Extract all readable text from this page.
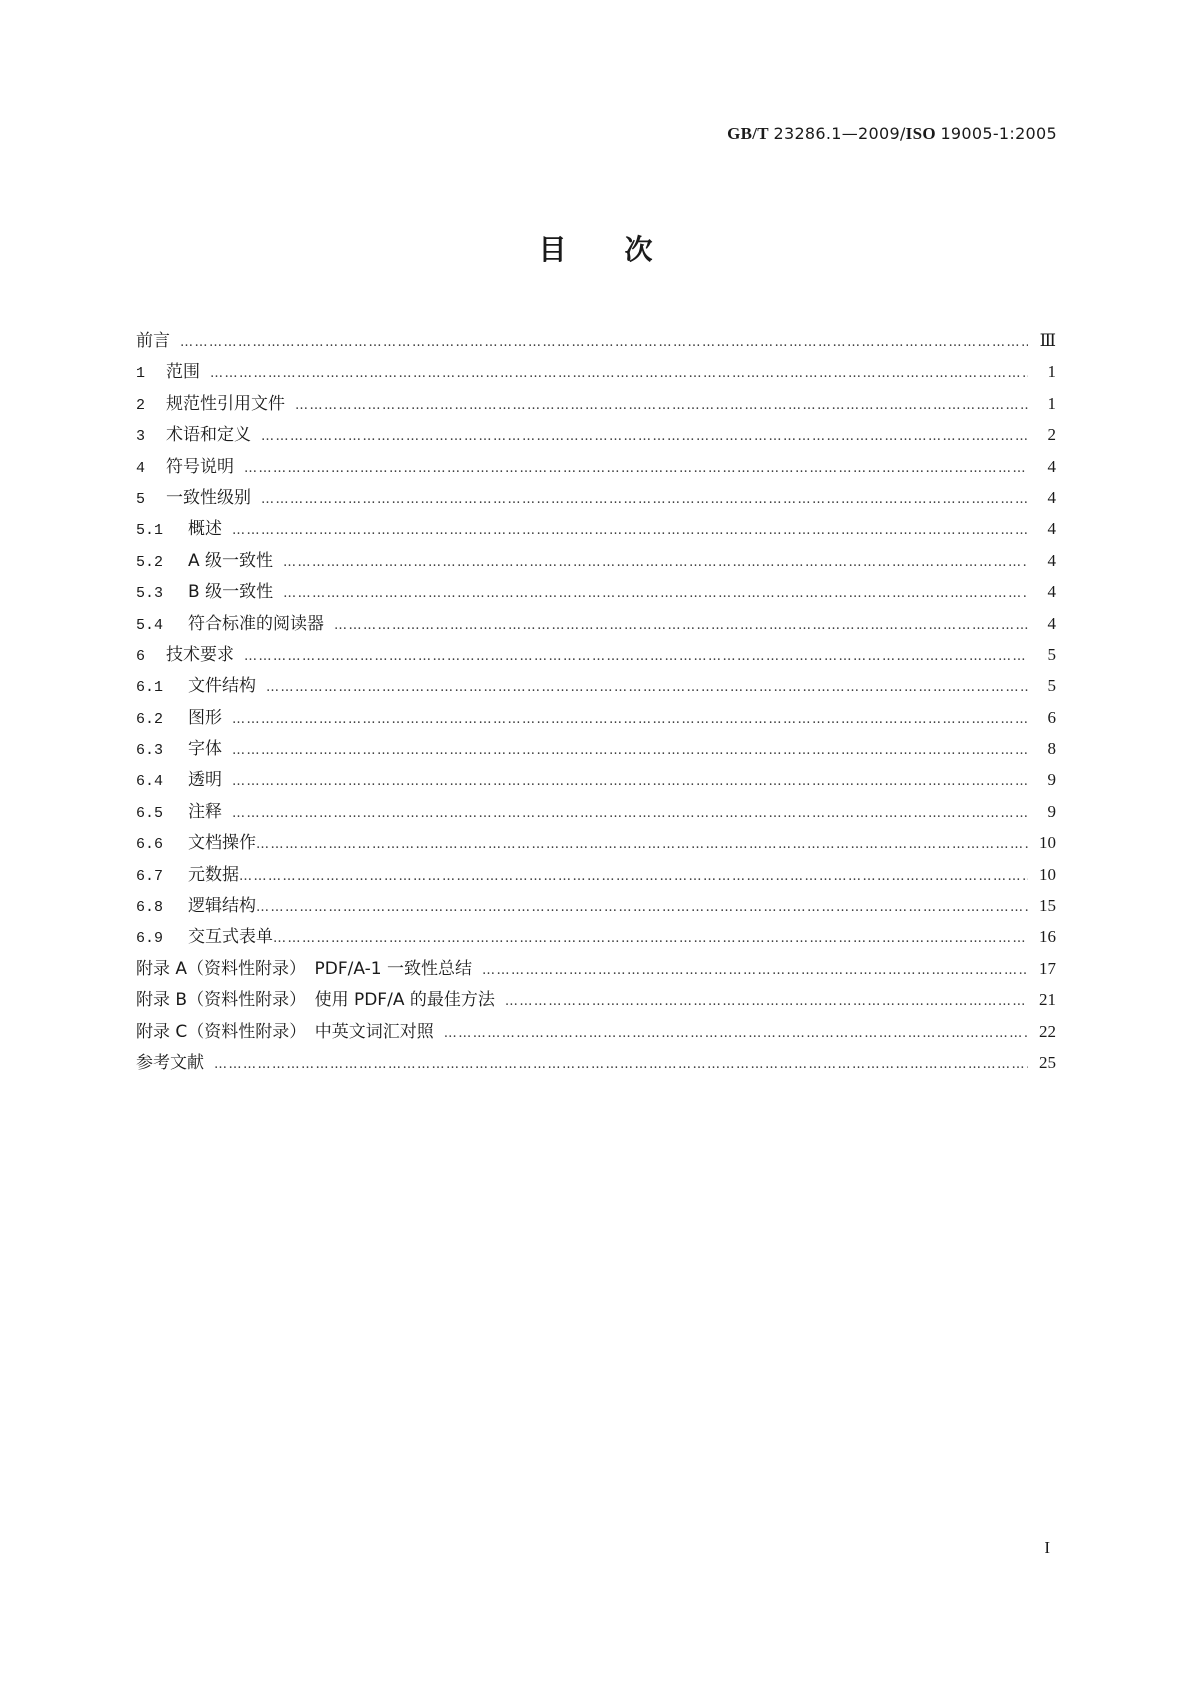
GB/T 23286.1—2009/ISO 19005-1:2005
目次
前言 ……………………………………………………………………………………………………………………………………………………………………………………………………………	Ⅲ
1	范围 ……………………………………………………………………………………………………………………………………………………………………………………………………………	1
2	规范性引用文件 ……………………………………………………………………………………………………………………………………………………………………………………………………………	1
3	术语和定义 ……………………………………………………………………………………………………………………………………………………………………………………………………………	2
4	符号说明 ……………………………………………………………………………………………………………………………………………………………………………………………………………	4
5	一致性级别 ……………………………………………………………………………………………………………………………………………………………………………………………………………	4
5.1	概述 ……………………………………………………………………………………………………………………………………………………………………………………………………………	4
5.2	A 级一致性 ……………………………………………………………………………………………………………………………………………………………………………………………………………	4
5.3	B 级一致性 ……………………………………………………………………………………………………………………………………………………………………………………………………………	4
5.4	符合标准的阅读器 ……………………………………………………………………………………………………………………………………………………………………………………………………………	4
6	技术要求 ……………………………………………………………………………………………………………………………………………………………………………………………………………	5
6.1	文件结构 ……………………………………………………………………………………………………………………………………………………………………………………………………………	5
6.2	图形 ……………………………………………………………………………………………………………………………………………………………………………………………………………	6
6.3	字体 ……………………………………………………………………………………………………………………………………………………………………………………………………………	8
6.4	透明 ……………………………………………………………………………………………………………………………………………………………………………………………………………	9
6.5	注释 ……………………………………………………………………………………………………………………………………………………………………………………………………………	9
6.6	文档操作 ……………………………………………………………………………………………………………………………………………………………………………………………………………	10
6.7	元数据 ……………………………………………………………………………………………………………………………………………………………………………………………………………	10
6.8	逻辑结构 ……………………………………………………………………………………………………………………………………………………………………………………………………………	15
6.9	交互式表单 ……………………………………………………………………………………………………………………………………………………………………………………………………………	16
附录 A（资料性附录）　PDF/A-1 一致性总结 ……………………………………………………………………………………………………………………………………………………………………………………………………………	17
附录 B（资料性附录）　使用 PDF/A 的最佳方法 ……………………………………………………………………………………………………………………………………………………………………………………………………………	21
附录 C（资料性附录）　中英文词汇对照 ……………………………………………………………………………………………………………………………………………………………………………………………………………	22
参考文献 ……………………………………………………………………………………………………………………………………………………………………………………………………………	25
I
